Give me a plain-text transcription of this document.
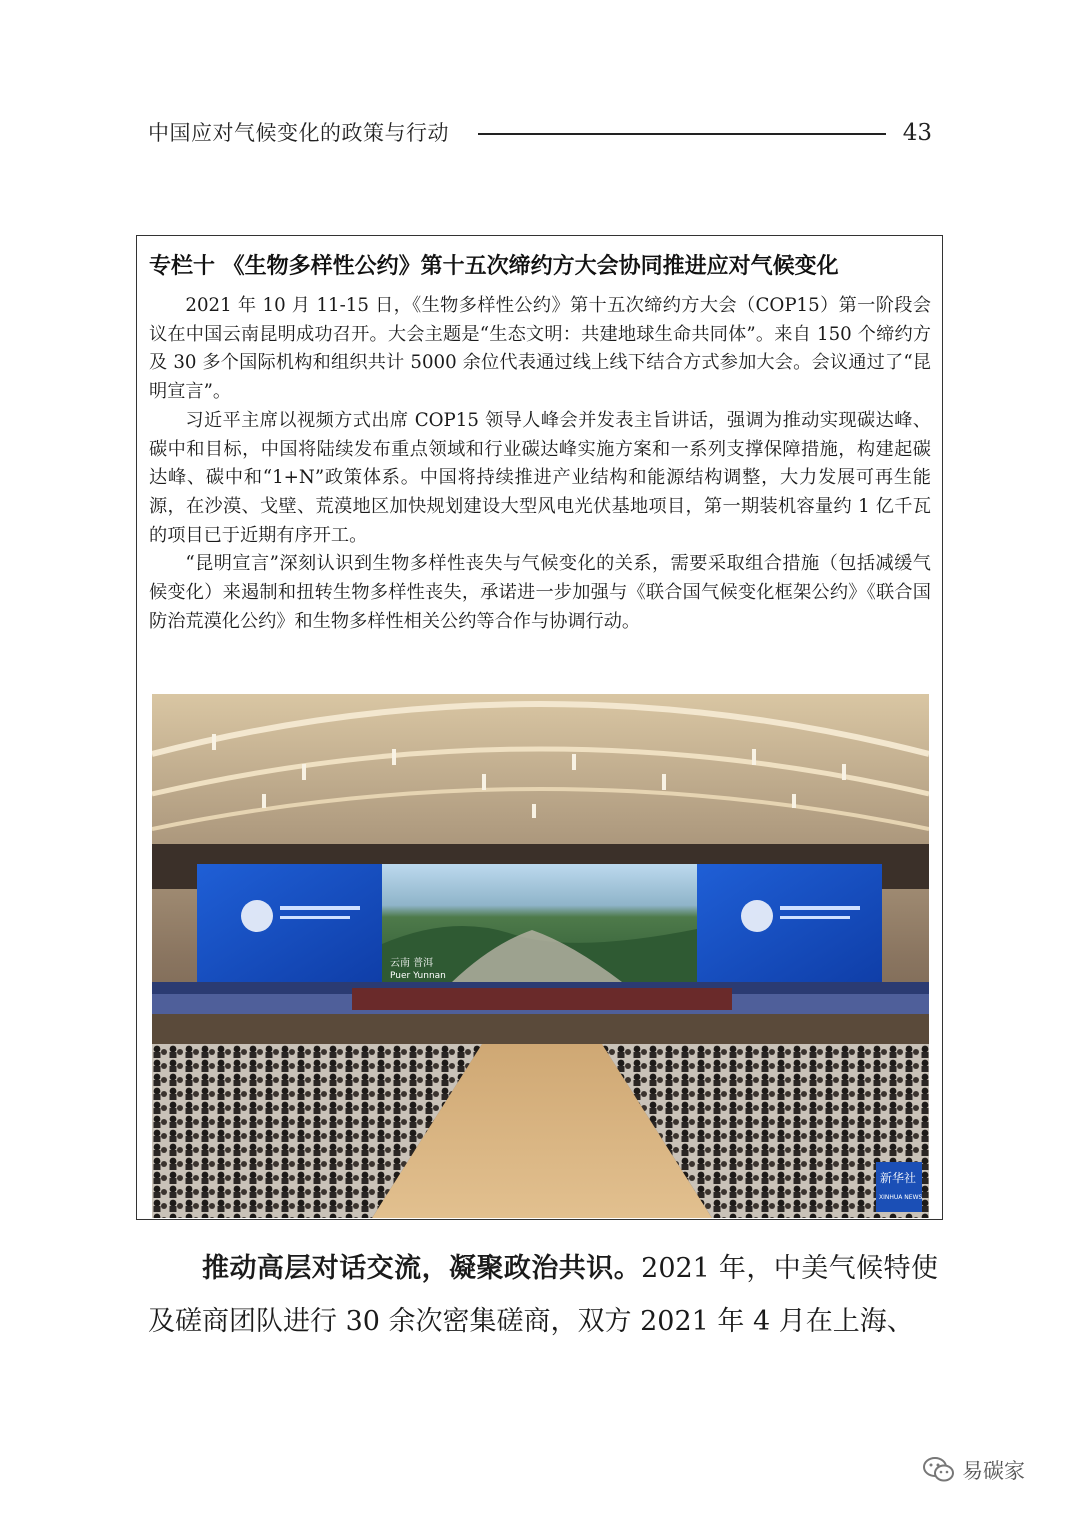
中国应对气候变化的政策与行动	43
专栏十 《生物多样性公约》第十五次缔约方大会协同推进应对气候变化

2021 年 10 月 11-15 日，《生物多样性公约》第十五次缔约方大会（COP15）第一阶段会议在中国云南昆明成功召开。大会主题是“生态文明：共建地球生命共同体”。来自 150 个缔约方及 30 多个国际机构和组织共计 5000 余位代表通过线上线下结合方式参加大会。会议通过了“昆明宣言”。

习近平主席以视频方式出席 COP15 领导人峰会并发表主旨讲话，强调为推动实现碳达峰、碳中和目标，中国将陆续发布重点领域和行业碳达峰实施方案和一系列支撑保障措施，构建起碳达峰、碳中和“1+N”政策体系。中国将持续推进产业结构和能源结构调整，大力发展可再生能源，在沙漠、戈壁、荒漠地区加快规划建设大型风电光伏基地项目，第一期装机容量约 1 亿千瓦的项目已于近期有序开工。

“昆明宣言”深刻认识到生物多样性丧失与气候变化的关系，需要采取组合措施（包括减缓气候变化）来遏制和扭转生物多样性丧失，承诺进一步加强与《联合国气候变化框架公约》《联合国防治荒漠化公约》和生物多样性相关公约等合作与协调行动。

云南 普洱
Puer Yunnan
新华社
XINHUA NEWS

推动高层对话交流，凝聚政治共识。2021 年，中美气候特使及磋商团队进行 30 余次密集磋商，双方 2021 年 4 月在上海、

易碳家
